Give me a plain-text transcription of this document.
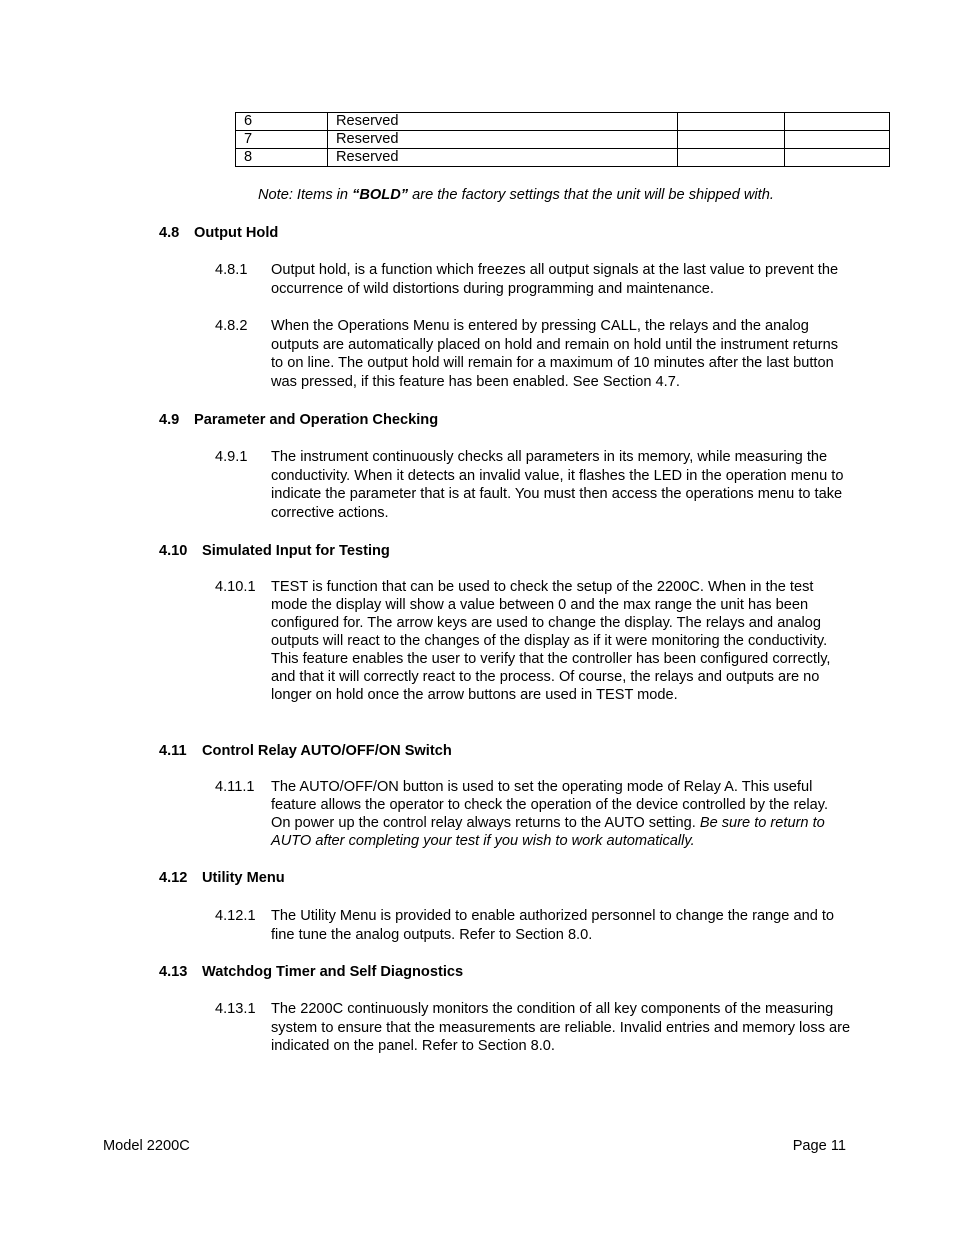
6	Reserved		
7	Reserved		
8	Reserved		
Note: Items in “BOLD” are the factory settings that the unit will be shipped with.
4.8 Output Hold
4.8.1 Output hold, is a function which freezes all output signals at the last value to prevent the occurrence of wild distortions during programming and maintenance.
4.8.2 When the Operations Menu is entered by pressing CALL, the relays and the analog outputs are automatically placed on hold and remain on hold until the instrument returns to on line. The output hold will remain for a maximum of 10 minutes after the last button was pressed, if this feature has been enabled. See Section 4.7.
4.9 Parameter and Operation Checking
4.9.1 The instrument continuously checks all parameters in its memory, while measuring the conductivity. When it detects an invalid value, it flashes the LED in the operation menu to indicate the parameter that is at fault. You must then access the operations menu to take corrective actions.
4.10 Simulated Input for Testing
4.10.1 TEST is function that can be used to check the setup of the 2200C. When in the test mode the display will show a value between 0 and the max range the unit has been configured for. The arrow keys are used to change the display. The relays and analog outputs will react to the changes of the display as if it were monitoring the conductivity. This feature enables the user to verify that the controller has been configured correctly, and that it will correctly react to the process. Of course, the relays and outputs are no longer on hold once the arrow buttons are used in TEST mode.
4.11 Control Relay AUTO/OFF/ON Switch
4.11.1 The AUTO/OFF/ON button is used to set the operating mode of Relay A. This useful feature allows the operator to check the operation of the device controlled by the relay. On power up the control relay always returns to the AUTO setting. Be sure to return to AUTO after completing your test if you wish to work automatically.
4.12 Utility Menu
4.12.1 The Utility Menu is provided to enable authorized personnel to change the range and to fine tune the analog outputs. Refer to Section 8.0.
4.13 Watchdog Timer and Self Diagnostics
4.13.1 The 2200C continuously monitors the condition of all key components of the measuring system to ensure that the measurements are reliable. Invalid entries and memory loss are indicated on the panel. Refer to Section 8.0.
Model 2200C	Page 11
